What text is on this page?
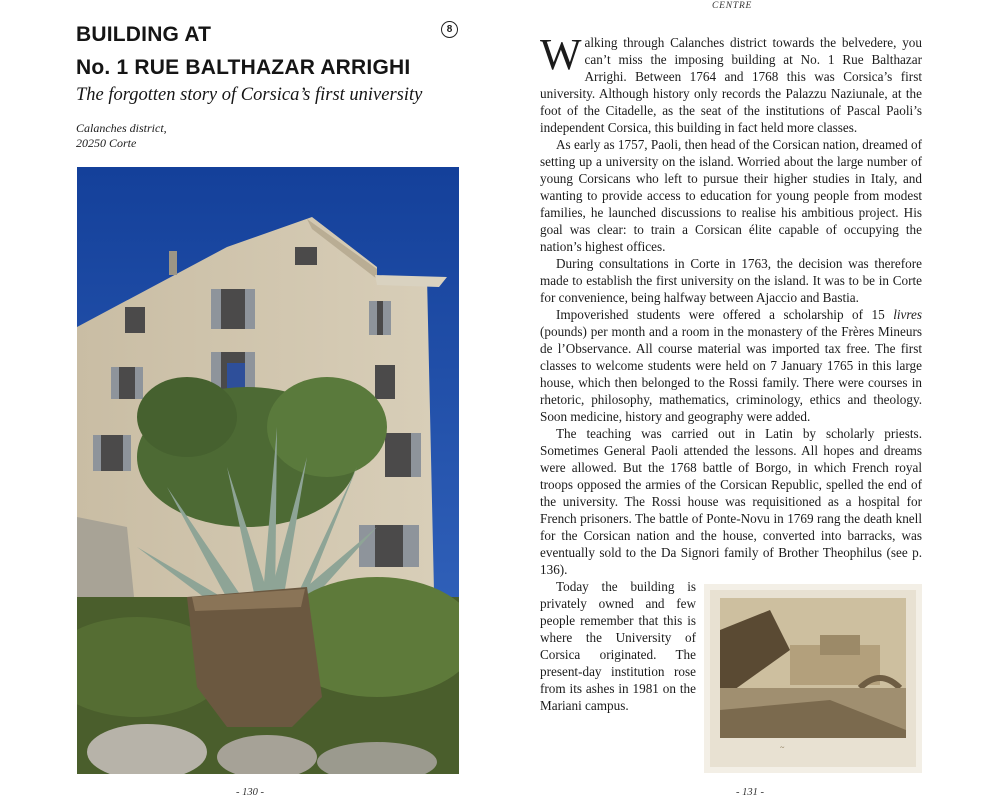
BUILDING AT
No. 1 RUE BALTHAZAR ARRIGHI
8
The forgotten story of Corsica’s first university
Calanches district,
20250 Corte
- 130 -
CENTRE

Walking through Calanches district towards the belvedere, you can’t miss the imposing building at No. 1 Rue Balthazar Arrighi. Between 1764 and 1768 this was Corsica’s first university. Although history only records the Palazzu Naziunale, at the foot of the Citadelle, as the seat of the institutions of Pascal Paoli’s independent Corsica, this building in fact held more classes.

As early as 1757, Paoli, then head of the Corsican nation, dreamed of setting up a university on the island. Worried about the large number of young Corsicans who left to pursue their higher studies in Italy, and wanting to provide access to education for young people from modest families, he launched discussions to realise his ambitious project. His goal was clear: to train a Corsican élite capable of occupying the nation’s highest offices.

During consultations in Corte in 1763, the decision was therefore made to establish the first university on the island. It was to be in Corte for convenience, being halfway between Ajaccio and Bastia.

Impoverished students were offered a scholarship of 15 livres (pounds) per month and a room in the monastery of the Frères Mineurs de l’Observance. All course material was imported tax free. The first classes to welcome students were held on 7 January 1765 in this large house, which then belonged to the Rossi family. There were courses in rhetoric, philosophy, mathematics, criminology, ethics and theology. Soon medicine, history and geography were added.

The teaching was carried out in Latin by scholarly priests. Sometimes General Paoli attended the lessons. All hopes and dreams were allowed. But the 1768 battle of Borgo, in which French royal troops opposed the armies of the Corsican Republic, spelled the end of the university. The Rossi house was requisitioned as a hospital for French prisoners. The battle of Ponte-Novu in 1769 rang the death knell for the Corsican nation and the house, converted into barracks, was eventually sold to the Da Signori family of Brother Theophilus (see p. 136).

~

Today the building is privately owned and few people remember that this is where the University of Corsica originated. The present-day institution rose from its ashes in 1981 on the Mariani campus.

- 131 -
